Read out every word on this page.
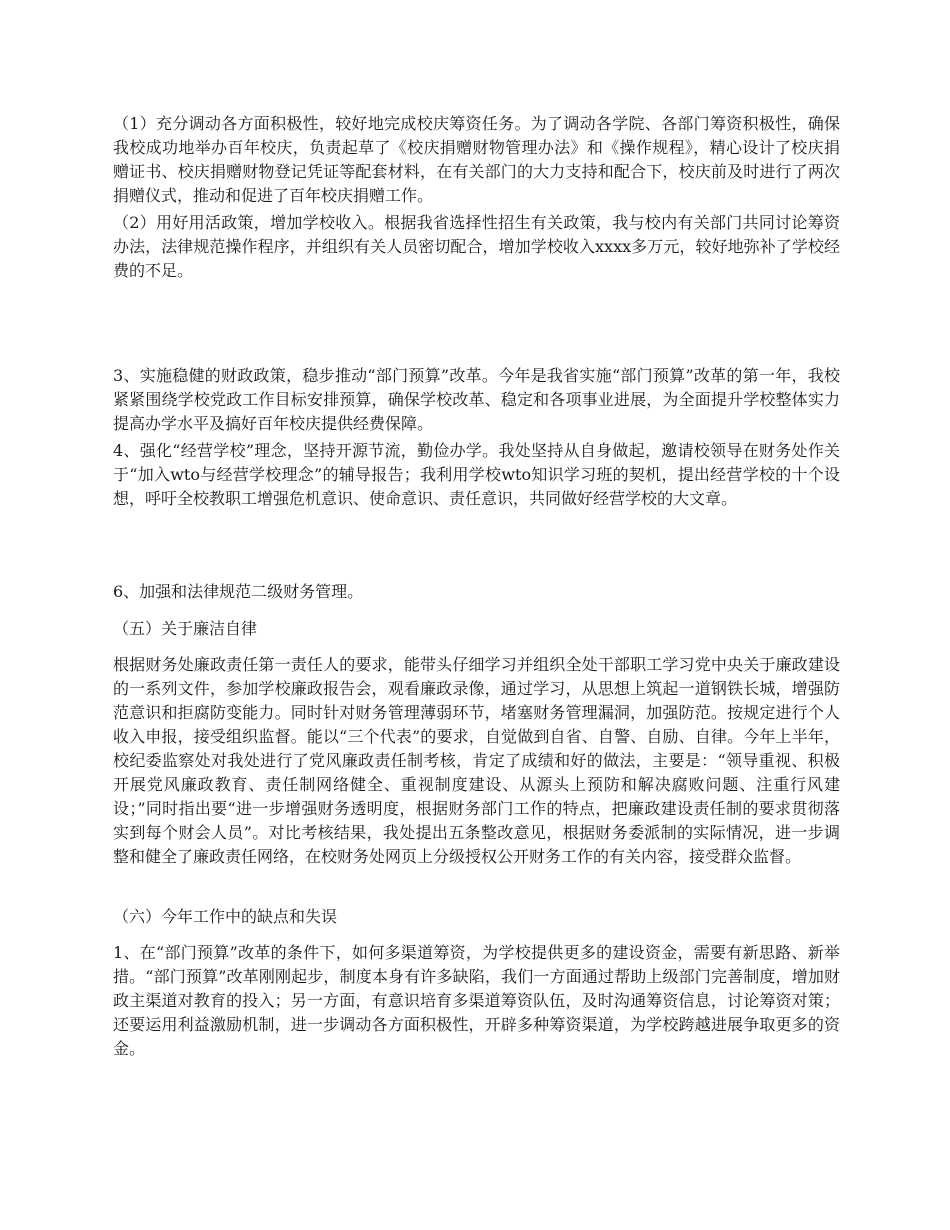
（1）充分调动各方面积极性，较好地完成校庆筹资任务。为了调动各学院、各部门筹资积极性，确保我校成功地举办百年校庆，负责起草了《校庆捐赠财物管理办法》和《操作规程》，精心设计了校庆捐赠证书、校庆捐赠财物登记凭证等配套材料，在有关部门的大力支持和配合下，校庆前及时进行了两次捐赠仪式，推动和促进了百年校庆捐赠工作。

（2）用好用活政策，增加学校收入。根据我省选择性招生有关政策，我与校内有关部门共同讨论筹资办法，法律规范操作程序，并组织有关人员密切配合，增加学校收入xxxx多万元，较好地弥补了学校经费的不足。

3、实施稳健的财政政策，稳步推动“部门预算”改革。今年是我省实施“部门预算”改革的第一年，我校紧紧围绕学校党政工作目标安排预算，确保学校改革、稳定和各项事业进展，为全面提升学校整体实力提高办学水平及搞好百年校庆提供经费保障。

4、强化“经营学校”理念，坚持开源节流，勤俭办学。我处坚持从自身做起，邀请校领导在财务处作关于“加入wto与经营学校理念”的辅导报告；我利用学校wto知识学习班的契机，提出经营学校的十个设想，呼吁全校教职工增强危机意识、使命意识、责任意识，共同做好经营学校的大文章。

6、加强和法律规范二级财务管理。

（五）关于廉洁自律

根据财务处廉政责任第一责任人的要求，能带头仔细学习并组织全处干部职工学习党中央关于廉政建设的一系列文件，参加学校廉政报告会，观看廉政录像，通过学习，从思想上筑起一道钢铁长城，增强防范意识和拒腐防变能力。同时针对财务管理薄弱环节，堵塞财务管理漏洞，加强防范。按规定进行个人收入申报，接受组织监督。能以“三个代表”的要求，自觉做到自省、自警、自励、自律。今年上半年，校纪委监察处对我处进行了党风廉政责任制考核，肯定了成绩和好的做法，主要是：“领导重视、积极开展党风廉政教育、责任制网络健全、重视制度建设、从源头上预防和解决腐败问题、注重行风建设；”同时指出要“进一步增强财务透明度，根据财务部门工作的特点，把廉政建设责任制的要求贯彻落实到每个财会人员”。对比考核结果，我处提出五条整改意见，根据财务委派制的实际情况，进一步调整和健全了廉政责任网络，在校财务处网页上分级授权公开财务工作的有关内容，接受群众监督。

（六）今年工作中的缺点和失误

1、在“部门预算”改革的条件下，如何多渠道筹资，为学校提供更多的建设资金，需要有新思路、新举措。“部门预算”改革刚刚起步，制度本身有许多缺陷，我们一方面通过帮助上级部门完善制度，增加财政主渠道对教育的投入；另一方面，有意识培育多渠道筹资队伍，及时沟通筹资信息，讨论筹资对策；还要运用利益激励机制，进一步调动各方面积极性，开辟多种筹资渠道，为学校跨越进展争取更多的资金。
